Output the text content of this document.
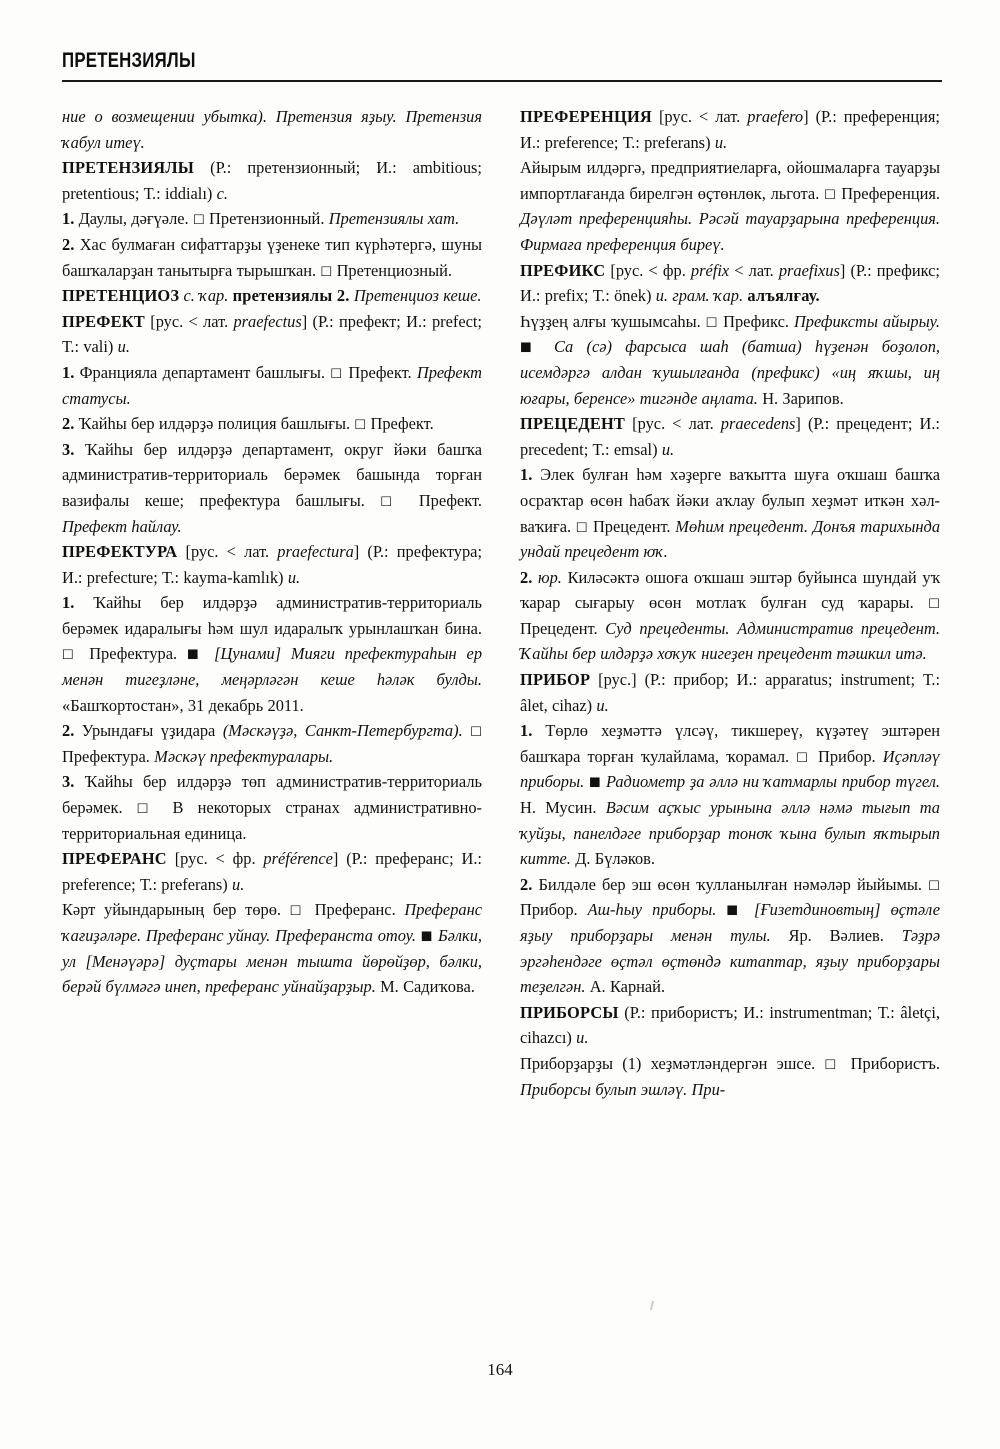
ПРЕТЕНЗИЯЛЫ

ние о возмещении убытка). Претензия яҙыу. Претензия ҡабул итеү.

ПРЕТЕНЗИЯЛЫ (Р.: претензионный; И.: ambitious; pretentious; Т.: iddialı) с.

1. Даулы, дәғүәле. □ Претензионный. Претензиялы хат.

2. Хас булмаған сифаттарҙы үҙенеке тип күрһәтергә, шуны башҡаларҙан танытырға тырышҡан. □ Претенциозный.

ПРЕТЕНЦИОЗ с. ҡар. претензиялы 2. Претенциоз кеше.

ПРЕФЕКТ [рус. < лат. praefectus] (Р.: префект; И.: prefect; Т.: vali) и.

1. Францияла департамент башлығы. □ Префект. Префект статусы.

2. Ҡайһы бер илдәрҙә полиция башлығы. □ Префект.

3. Ҡайһы бер илдәрҙә департамент, округ йәки башҡа административ-территориаль берәмек башында торған вазифалы кеше; префектура башлығы. □ Префект. Префект һайлау.

ПРЕФЕКТУРА [рус. < лат. praefectura] (Р.: префектура; И.: prefecture; Т.: kayma-kamlık) и.

1. Ҡайһы бер илдәрҙә административ-территориаль берәмек идаралығы һәм шул идаралыҡ урынлашҡан бина. □ Префектура. ■ [Цунами] Мияги префектураһын ер менән тигеҙләне, меңәрләгән кеше һәләк булды. «Башҡортостан», 31 декабрь 2011.

2. Урындағы үҙидара (Мәскәүҙә, Санкт-Петербургта). □ Префектура. Мәскәү префектуралары.

3. Ҡайһы бер илдәрҙә төп административ-территориаль берәмек. □ В некоторых странах административно-территориальная единица.

ПРЕФЕРАНС [рус. < фр. préférence] (Р.: преферанс; И.: preference; Т.: preferans) и.

Кәрт уйындарының бер төрө. □ Преферанс. Преферанс ҡағиҙәләре. Преферанс уйнау. Преферанста отоу. ■ Бәлки, ул [Менәүәрә] дуҫтары менән тышта йөрөйҙөр, бәлки, берәй бүлмәгә инеп, преферанс уйнайҙарҙыр. М. Садиҡова.

ПРЕФЕРЕНЦИЯ [рус. < лат. praefero] (Р.: преференция; И.: preference; Т.: preferans) и.

Айырым илдәргә, предприятиеларға, ойошмаларға тауарҙы импортлағанда бирелгән өҫтөнлөк, льгота. □ Преференция. Дәүләт преференцияһы. Рәсәй тауарҙарына преференция. Фирмаға преференция биреү.

ПРЕФИКС [рус. < фр. préfix < лат. praefixus] (Р.: префикс; И.: prefix; Т.: önek) и. грам. ҡар. алъялғау.

Һүҙҙең алғы ҡушымсаһы. □ Префикс. Префиксты айырыу. ■ Са (сә) фарсыса шаһ (батша) һүҙенән боҙолоп, исемдәргә алдан ҡушылғанда (префикс) «иң яҡшы, иң юғары, беренсе» тигәнде аңлата. Н. Зарипов.

ПРЕЦЕДЕНТ [рус. < лат. praecedens] (Р.: прецедент; И.: precedent; Т.: emsal) и.

1. Элек булған һәм хәҙерге ваҡытта шуға оҡшаш башҡа осраҡтар өсөн һабаҡ йәки аҡлау булып хеҙмәт иткән хәл-ваҡиға. □ Прецедент. Мөһим прецедент. Донъя тарихында ундай прецедент юҡ.

2. юр. Киләсәктә ошоға оҡшаш эштәр буйынса шундай уҡ ҡарар сығарыу өсөн мотлаҡ булған суд ҡарары. □ Прецедент. Суд прецеденты. Административ прецедент. Ҡайһы бер илдәрҙә хоҡуҡ нигеҙен прецедент тәшкил итә.

ПРИБОР [рус.] (Р.: прибор; И.: apparatus; instrument; Т.: âlet, cihaz) и.

1. Төрлө хеҙмәттә үлсәү, тикшереү, күҙәтеү эштәрен башҡара торған ҡулайлама, ҡорамал. □ Прибор. Иҫәпләү приборы. ■ Радиометр ҙа әллә ни ҡатмарлы прибор түгел. Н. Мусин. Вәсим аҫҡыс урынына әллә нәмә тығып та ҡуйҙы, панелдәге приборҙар тоноҡ ҡына булып яҡтырып китте. Д. Бүләков.

2. Билдәле бер эш өсөн ҡулланылған нәмәләр йыйымы. □ Прибор. Аш-һыу приборы. ■ [Ғизетдиновтың] өҫтәле яҙыу приборҙары менән тулы. Яр. Вәлиев. Тәҙрә эргәһендәге өҫтәл өҫтөндә китаптар, яҙыу приборҙары теҙелгән. А. Карнай.

ПРИБОРСЫ (Р.: прибористъ; И.: instrumentman; Т.: âletçi, cihazcı) и.

Приборҙарҙы (1) хеҙмәтләндергән эшсе. □ Прибористъ. Приборсы булып эшләү. При-

164
